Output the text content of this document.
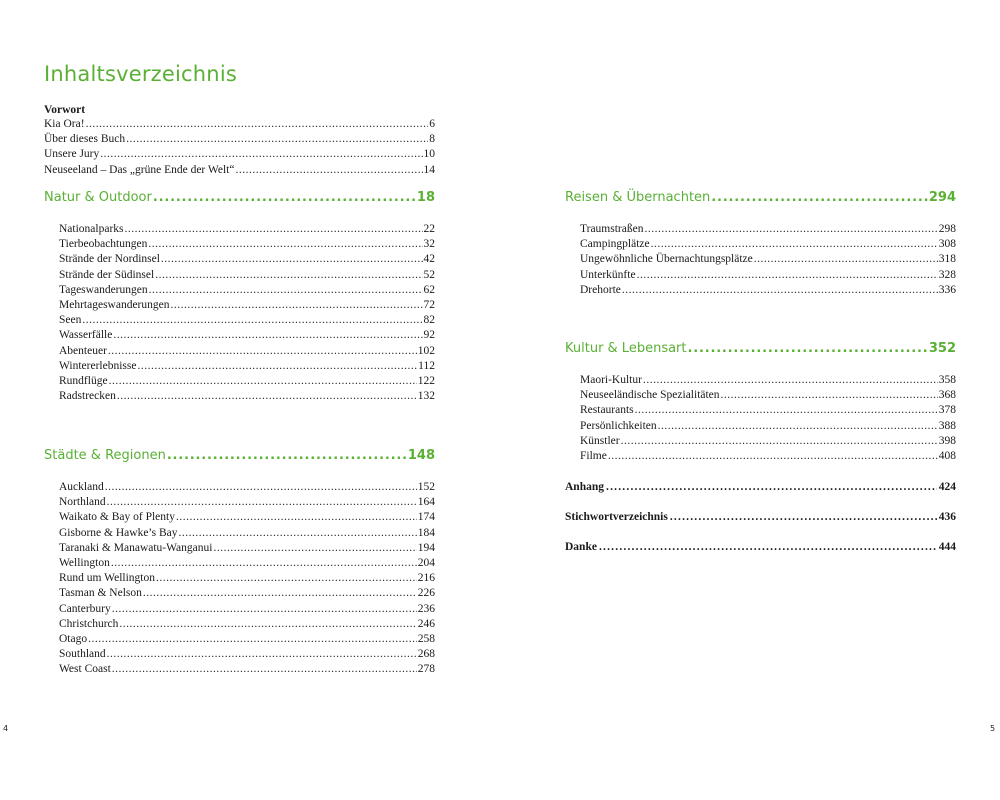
Inhaltsverzeichnis
Vorwort
Kia Ora! .....	6
Über dieses Buch .....	8
Unsere Jury .....	10
Neuseeland – Das „grüne Ende der Welt“ .....	14
Natur & Outdoor .....	18
Nationalparks .....	22
Tierbeobachtungen .....	32
Strände der Nordinsel .....	42
Strände der Südinsel .....	52
Tageswanderungen .....	62
Mehrtageswanderungen .....	72
Seen .....	82
Wasserfälle .....	92
Abenteuer .....	102
Wintererlebnisse .....	112
Rundflüge .....	122
Radstrecken .....	132
Städte & Regionen .....	148
Auckland .....	152
Northland .....	164
Waikato & Bay of Plenty .....	174
Gisborne & Hawke’s Bay .....	184
Taranaki & Manawatu-Wanganui .....	194
Wellington .....	204
Rund um Wellington .....	216
Tasman & Nelson .....	226
Canterbury .....	236
Christchurch .....	246
Otago .....	258
Southland .....	268
West Coast .....	278
Reisen & Übernachten .....	294
Traumstraßen .....	298
Campingplätze .....	308
Ungewöhnliche Übernachtungsplätze .....	318
Unterkünfte .....	328
Drehorte .....	336
Kultur & Lebensart .....	352
Maori-Kultur .....	358
Neuseeländische Spezialitäten .....	368
Restaurants .....	378
Persönlichkeiten .....	388
Künstler .....	398
Filme .....	408
Anhang .....	424
Stichwortverzeichnis .....	436
Danke .....	444
4	5
